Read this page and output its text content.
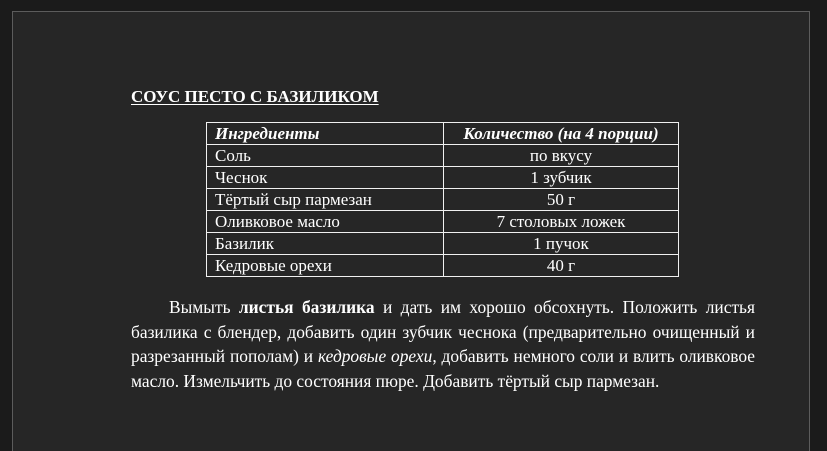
СОУС ПЕСТО С БАЗИЛИКОМ
Ингредиенты	Количество (на 4 порции)
Соль	по вкусу
Чеснок	1 зубчик
Тёртый сыр пармезан	50 г
Оливковое масло	7 столовых ложек
Базилик	1 пучок
Кедровые орехи	40 г
Вымыть листья базилика и дать им хорошо обсохнуть. Положить листья базилика с блендер, добавить один зубчик чеснока (предварительно очищенный и разрезанный пополам) и кедровые орехи, добавить немного соли и влить оливковое масло. Измельчить до состояния пюре. Добавить тёртый сыр пармезан.
